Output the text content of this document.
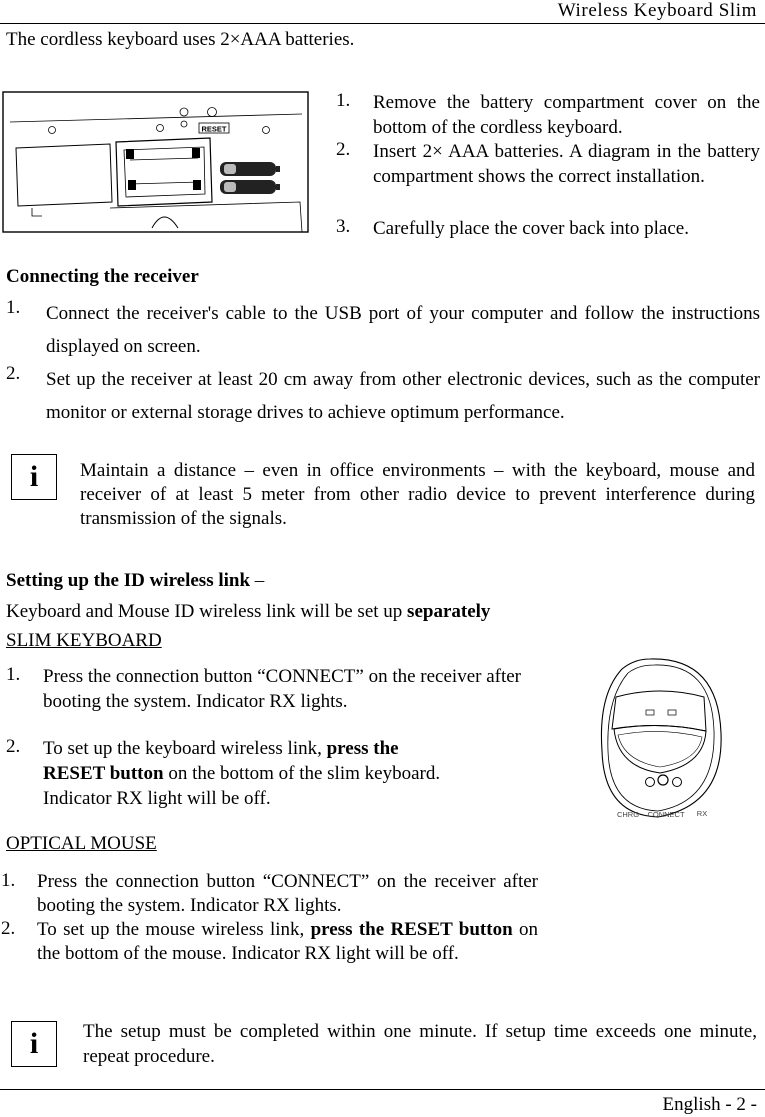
Wireless Keyboard Slim
The cordless keyboard uses 2×AAA batteries.
RESET
1. Remove the battery compartment cover on the bottom of the cordless keyboard.
2. Insert 2× AAA batteries. A diagram in the battery compartment shows the correct installation.
3. Carefully place the cover back into place.
Connecting the receiver
1. Connect the receiver's cable to the USB port of your computer and follow the instructions displayed on screen.
2. Set up the receiver at least 20 cm away from other electronic devices, such as the computer monitor or external storage drives to achieve optimum performance.
i	Maintain a distance – even in office environments – with the keyboard, mouse and receiver of at least 5 meter from other radio device to prevent interference during transmission of the signals.
Setting up the ID wireless link –
Keyboard and Mouse ID wireless link will be set up separately
SLIM KEYBOARD
1. Press the connection button “CONNECT” on the receiver after booting the system. Indicator RX lights.
2. To set up the keyboard wireless link, press the
RESET button on the bottom of the slim keyboard. Indicator RX light will be off.
CHRG CONNECT RX
OPTICAL MOUSE
1. Press the connection button “CONNECT” on the receiver after booting the system. Indicator RX lights.
2. To set up the mouse wireless link, press the RESET button on the bottom of the mouse. Indicator RX light will be off.
i	The setup must be completed within one minute. If setup time exceeds one minute, repeat procedure.
English - 2 -
